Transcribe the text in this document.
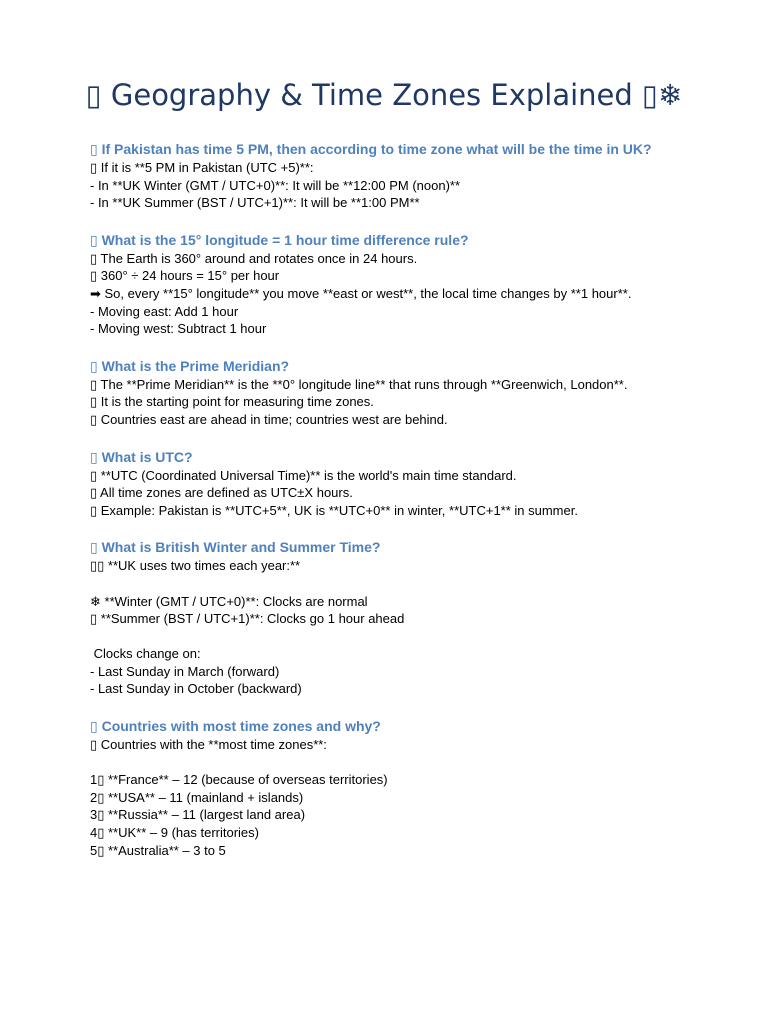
▯ Geography & Time Zones Explained ▯❄
▯ If Pakistan has time 5 PM, then according to time zone what will be the time in UK?
▯ If it is **5 PM in Pakistan (UTC +5)**:
- In **UK Winter (GMT / UTC+0)**: It will be **12:00 PM (noon)**
- In **UK Summer (BST / UTC+1)**: It will be **1:00 PM**
▯ What is the 15° longitude = 1 hour time difference rule?
▯ The Earth is 360° around and rotates once in 24 hours.
▯ 360° ÷ 24 hours = 15° per hour
➡ So, every **15° longitude** you move **east or west**, the local time changes by **1 hour**.
- Moving east: Add 1 hour
- Moving west: Subtract 1 hour
▯ What is the Prime Meridian?
▯ The **Prime Meridian** is the **0° longitude line** that runs through **Greenwich, London**.
▯ It is the starting point for measuring time zones.
▯ Countries east are ahead in time; countries west are behind.
▯ What is UTC?
▯ **UTC (Coordinated Universal Time)** is the world's main time standard.
▯ All time zones are defined as UTC±X hours.
▯ Example: Pakistan is **UTC+5**, UK is **UTC+0** in winter, **UTC+1** in summer.
▯ What is British Winter and Summer Time?
▯▯ **UK uses two times each year:**
❄ **Winter (GMT / UTC+0)**: Clocks are normal
▯ **Summer (BST / UTC+1)**: Clocks go 1 hour ahead
Clocks change on:
- Last Sunday in March (forward)
- Last Sunday in October (backward)
▯ Countries with most time zones and why?
▯ Countries with the **most time zones**:
1▯ **France** – 12 (because of overseas territories)
2▯ **USA** – 11 (mainland + islands)
3▯ **Russia** – 11 (largest land area)
4▯ **UK** – 9 (has territories)
5▯ **Australia** – 3 to 5
